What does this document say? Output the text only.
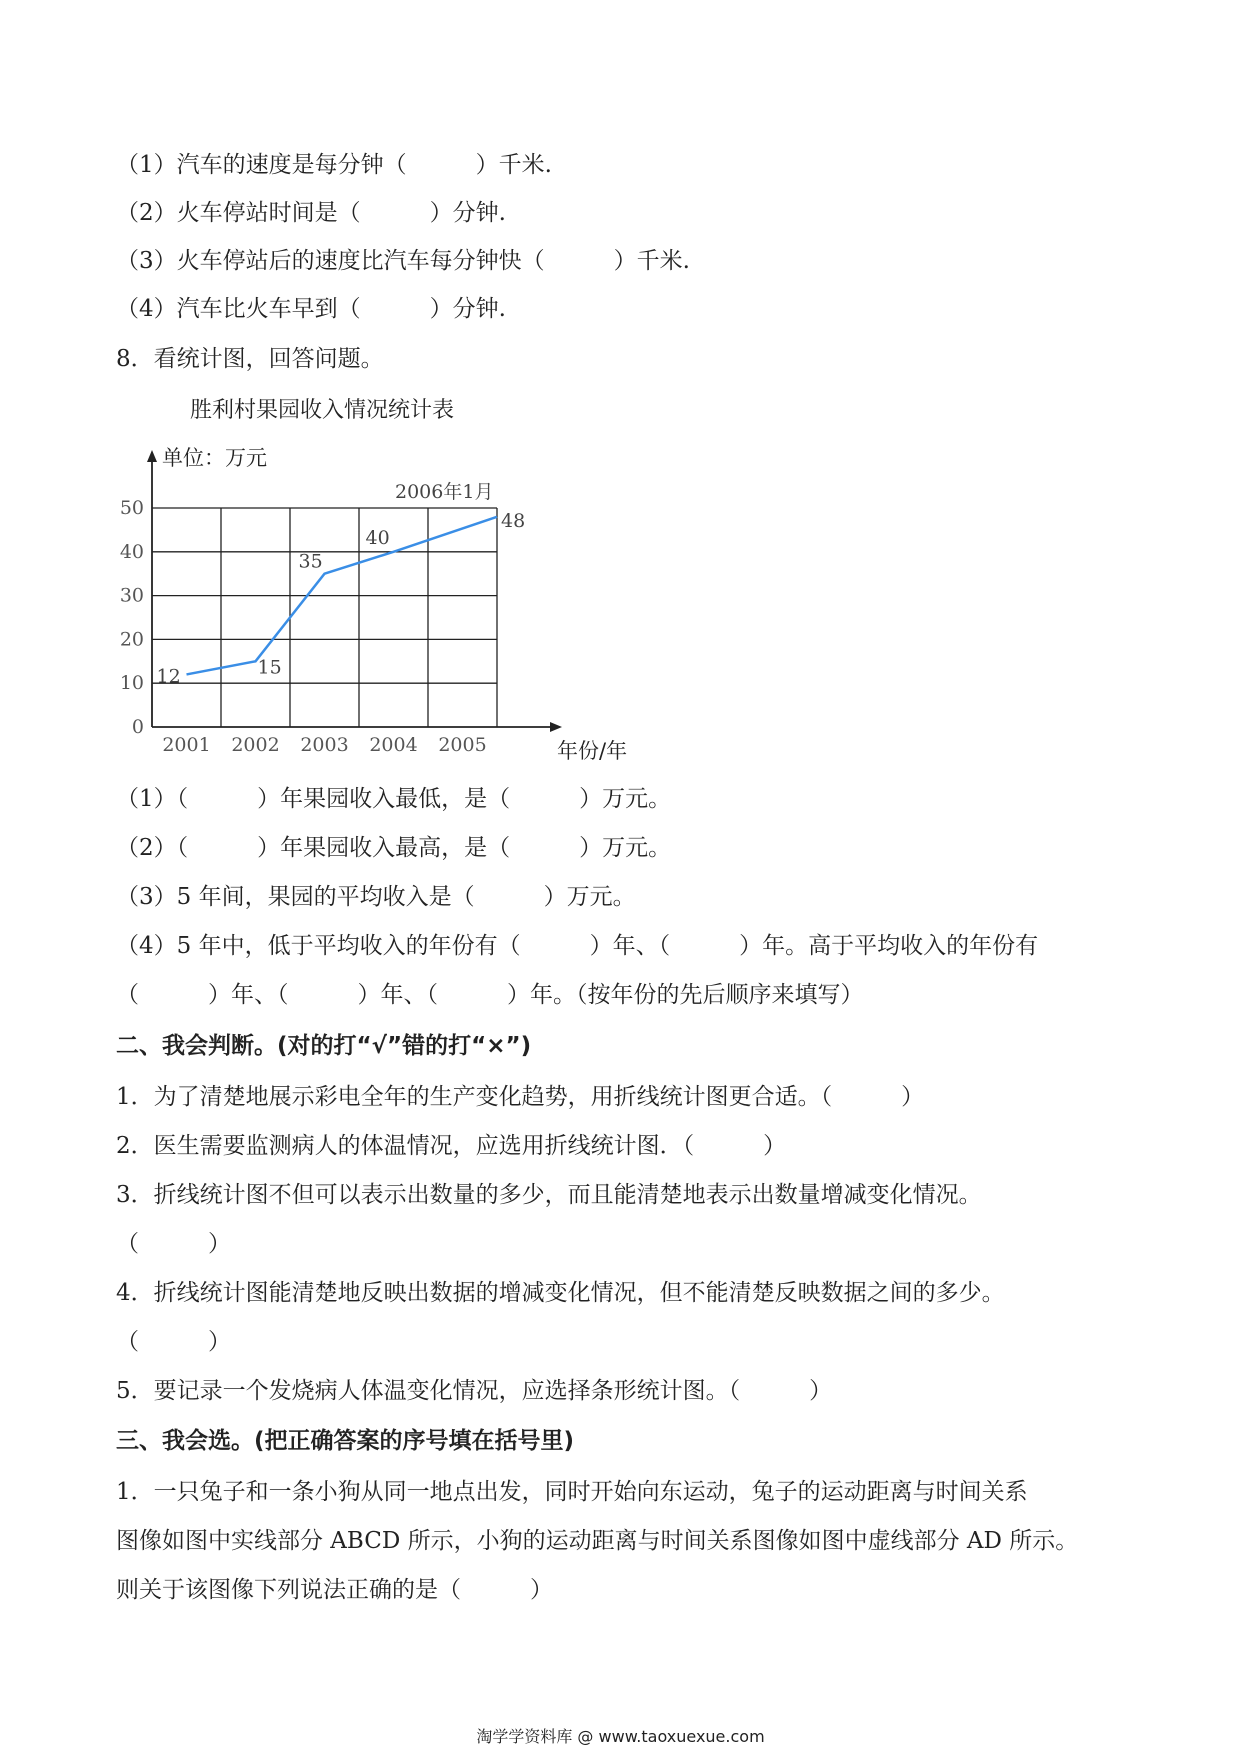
（1）汽车的速度是每分钟（　　　）千米.
（2）火车停站时间是（　　　）分钟.
（3）火车停站后的速度比汽车每分钟快（　　　）千米.
（4）汽车比火车早到（　　　）分钟.
8．看统计图，回答问题。
胜利村果园收入情况统计表
0
10
20
30
40
50
2001 2002 2003 2004 2005
12	15
35
40
48
单位：万元
年份/年
2006年1月
（1）（　　　）年果园收入最低，是（　　　）万元。
（2）（　　　）年果园收入最高，是（　　　）万元。
（3）5 年间，果园的平均收入是（　　　）万元。
（4）5 年中，低于平均收入的年份有（　　　）年、（　　　）年。高于平均收入的年份有
（　　　）年、（　　　）年、（　　　）年。（按年份的先后顺序来填写）
二、我会判断。(对的打“√”错的打“×”)
1．为了清楚地展示彩电全年的生产变化趋势，用折线统计图更合适。（　　　）
2．医生需要监测病人的体温情况，应选用折线统计图．（　　　）
3．折线统计图不但可以表示出数量的多少，而且能清楚地表示出数量增减变化情况。
（　　　）
4．折线统计图能清楚地反映出数据的增减变化情况，但不能清楚反映数据之间的多少。
（　　　）
5．要记录一个发烧病人体温变化情况，应选择条形统计图。（　　　）
三、我会选。(把正确答案的序号填在括号里)
1．一只兔子和一条小狗从同一地点出发，同时开始向东运动，兔子的运动距离与时间关系
图像如图中实线部分 ABCD 所示，小狗的运动距离与时间关系图像如图中虚线部分 AD 所示。
则关于该图像下列说法正确的是（　　　）
淘学学资料库 @ www.taoxuexue.com
